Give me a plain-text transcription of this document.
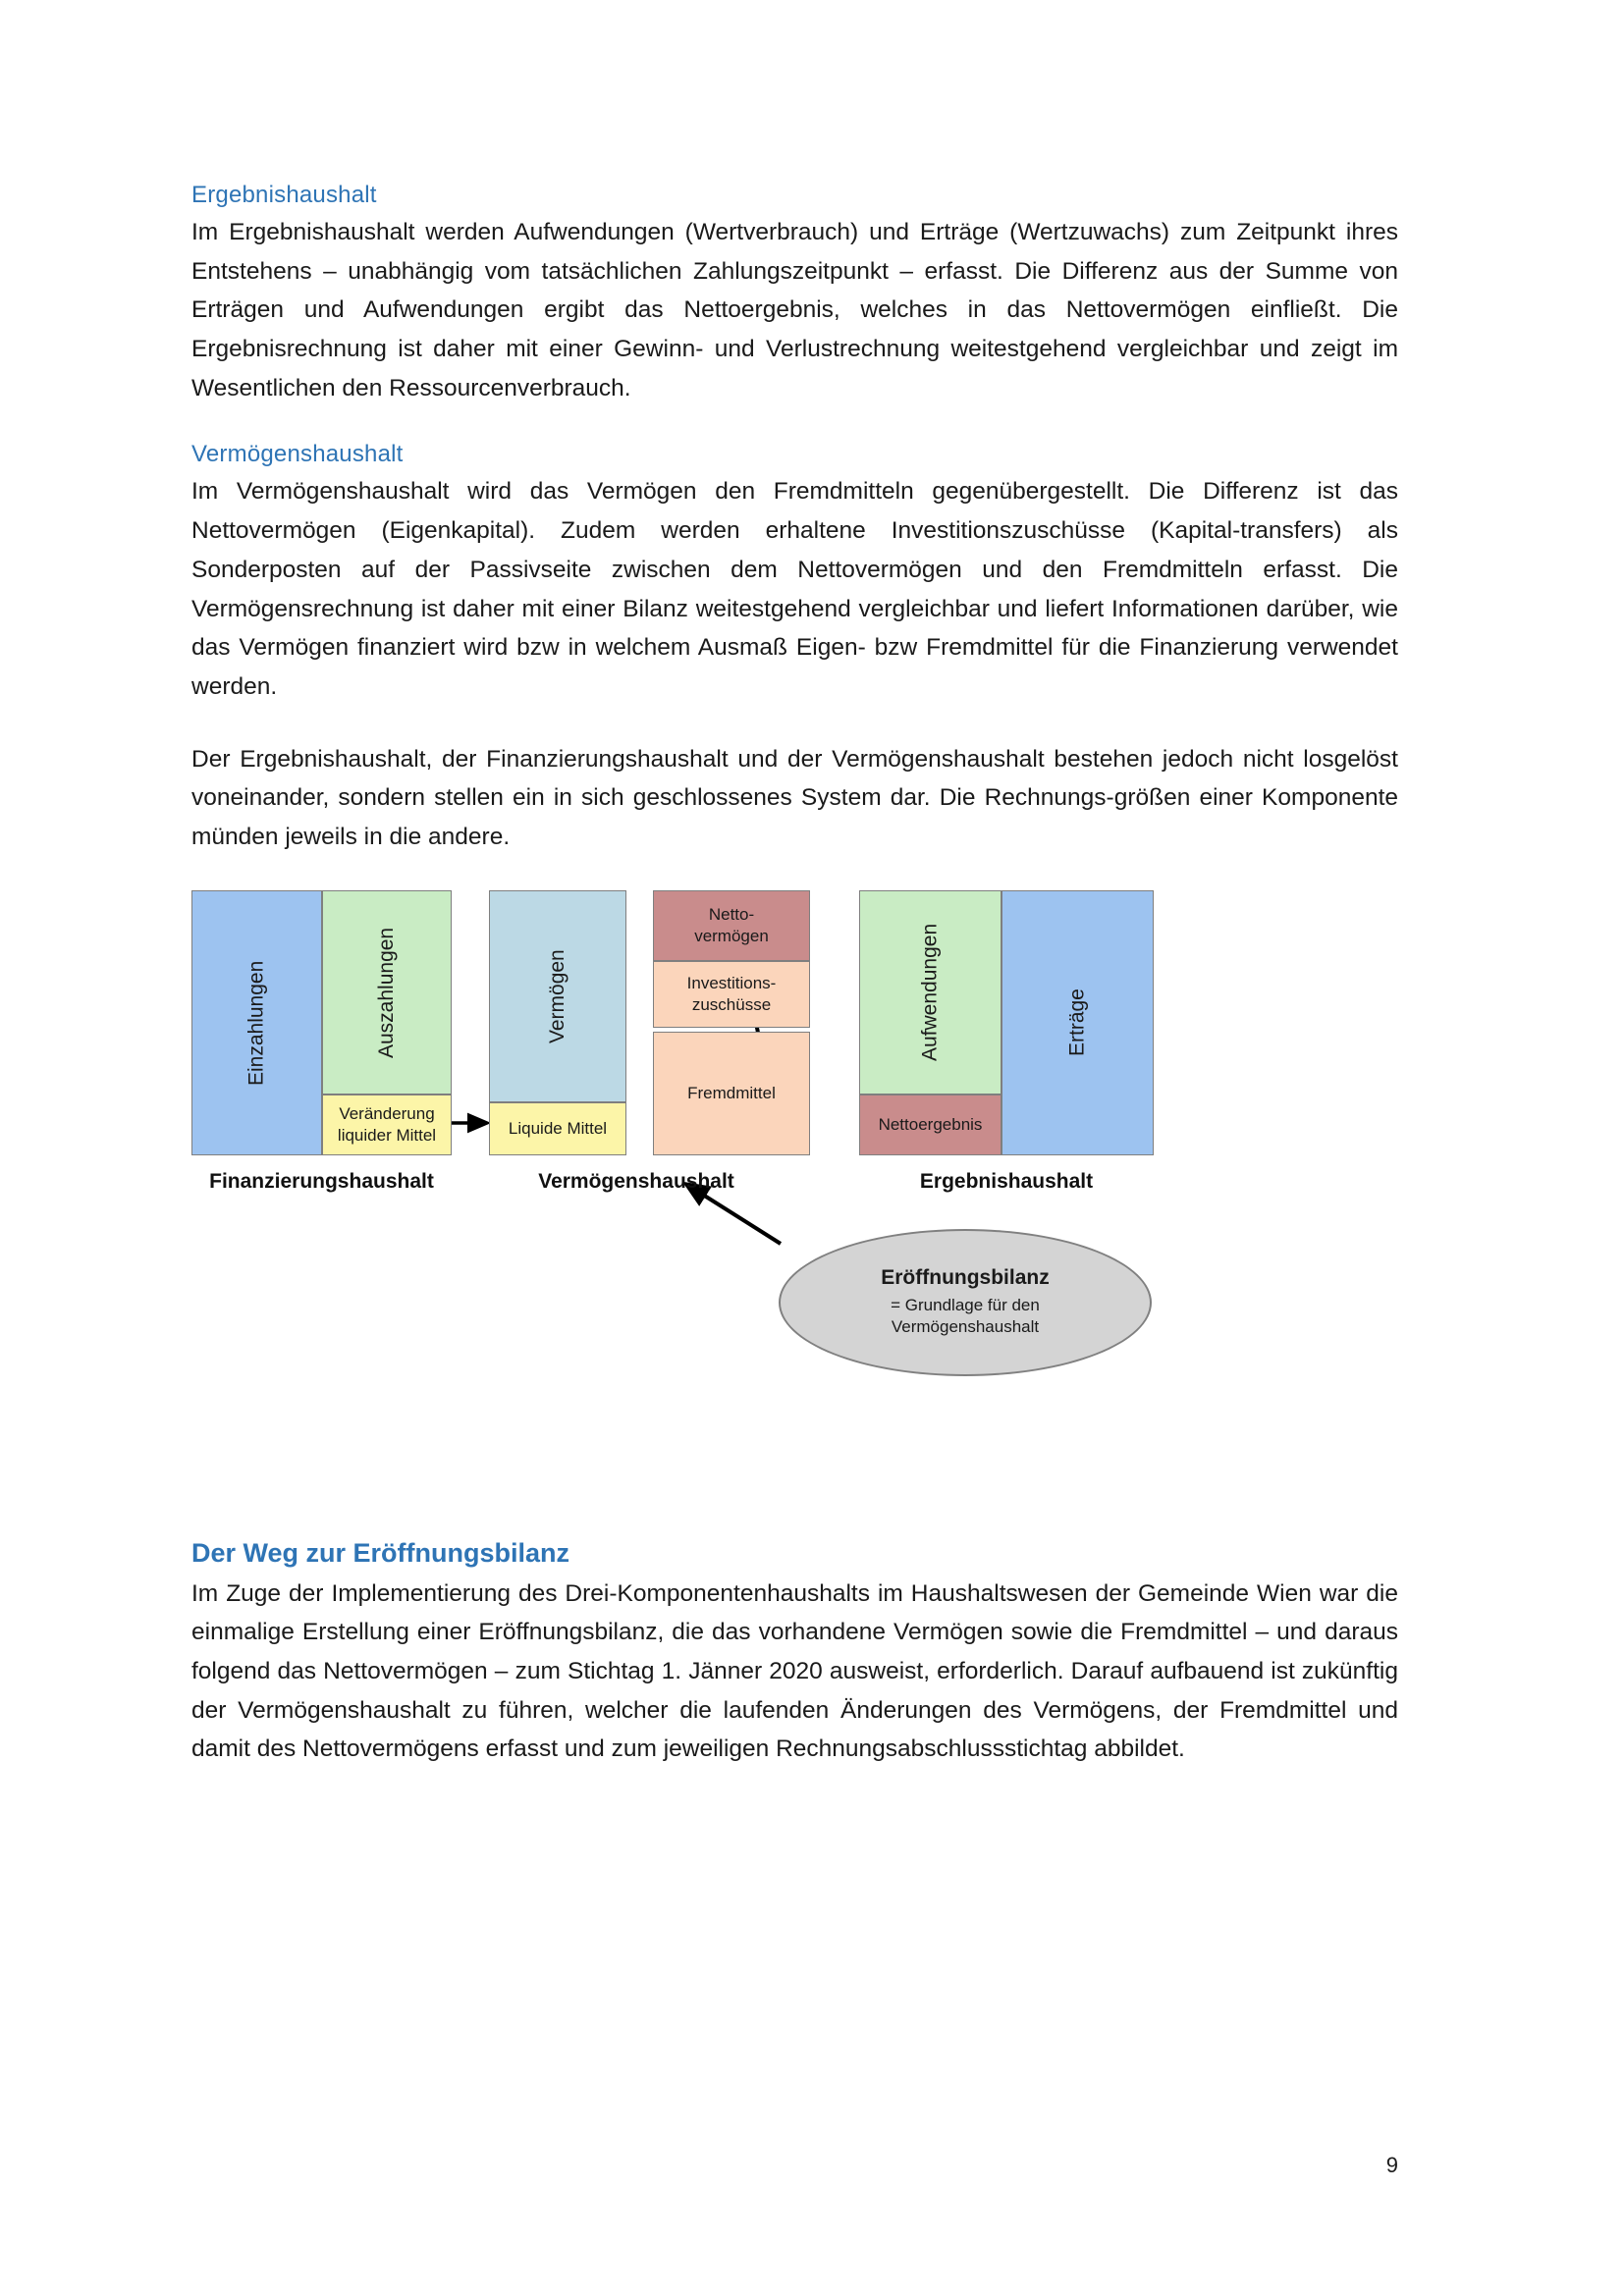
Ergebnishaushalt

Im Ergebnishaushalt werden Aufwendungen (Wertverbrauch) und Erträge (Wertzuwachs) zum Zeitpunkt ihres Entstehens – unabhängig vom tatsächlichen Zahlungszeitpunkt – erfasst. Die Differenz aus der Summe von Erträgen und Aufwendungen ergibt das Nettoergebnis, welches in das Nettovermögen einfließt. Die Ergebnisrechnung ist daher mit einer Gewinn- und Verlustrechnung weitestgehend vergleichbar und zeigt im Wesentlichen den Ressourcenverbrauch.

Vermögenshaushalt

Im Vermögenshaushalt wird das Vermögen den Fremdmitteln gegenübergestellt. Die Differenz ist das Nettovermögen (Eigenkapital). Zudem werden erhaltene Investitionszuschüsse (Kapital-transfers) als Sonderposten auf der Passivseite zwischen dem Nettovermögen und den Fremdmitteln erfasst. Die Vermögensrechnung ist daher mit einer Bilanz weitestgehend vergleichbar und liefert Informationen darüber, wie das Vermögen finanziert wird bzw in welchem Ausmaß Eigen- bzw Fremdmittel für die Finanzierung verwendet werden.

Der Ergebnishaushalt, der Finanzierungshaushalt und der Vermögenshaushalt bestehen jedoch nicht losgelöst voneinander, sondern stellen ein in sich geschlossenes System dar. Die Rechnungs-größen einer Komponente münden jeweils in die andere.

Einzahlungen	Auszahlungen
Veränderung
liquider Mittel
Finanzierungshaushalt
Vermögen
Liquide Mittel
Netto-
vermögen
Investitions-
zuschüsse
Fremdmittel
Vermögenshaushalt
Aufwendungen
Nettoergebnis
Erträge
Ergebnishaushalt
Eröffnungsbilanz
= Grundlage für den
Vermögenshaushalt
Der Weg zur Eröffnungsbilanz

Im Zuge der Implementierung des Drei-Komponentenhaushalts im Haushaltswesen der Gemeinde Wien war die einmalige Erstellung einer Eröffnungsbilanz, die das vorhandene Vermögen sowie die Fremdmittel – und daraus folgend das Nettovermögen – zum Stichtag 1. Jänner 2020 ausweist, erforderlich. Darauf aufbauend ist zukünftig der Vermögenshaushalt zu führen, welcher die laufenden Änderungen des Vermögens, der Fremdmittel und damit des Nettovermögens erfasst und zum jeweiligen Rechnungsabschlussstichtag abbildet.

9
